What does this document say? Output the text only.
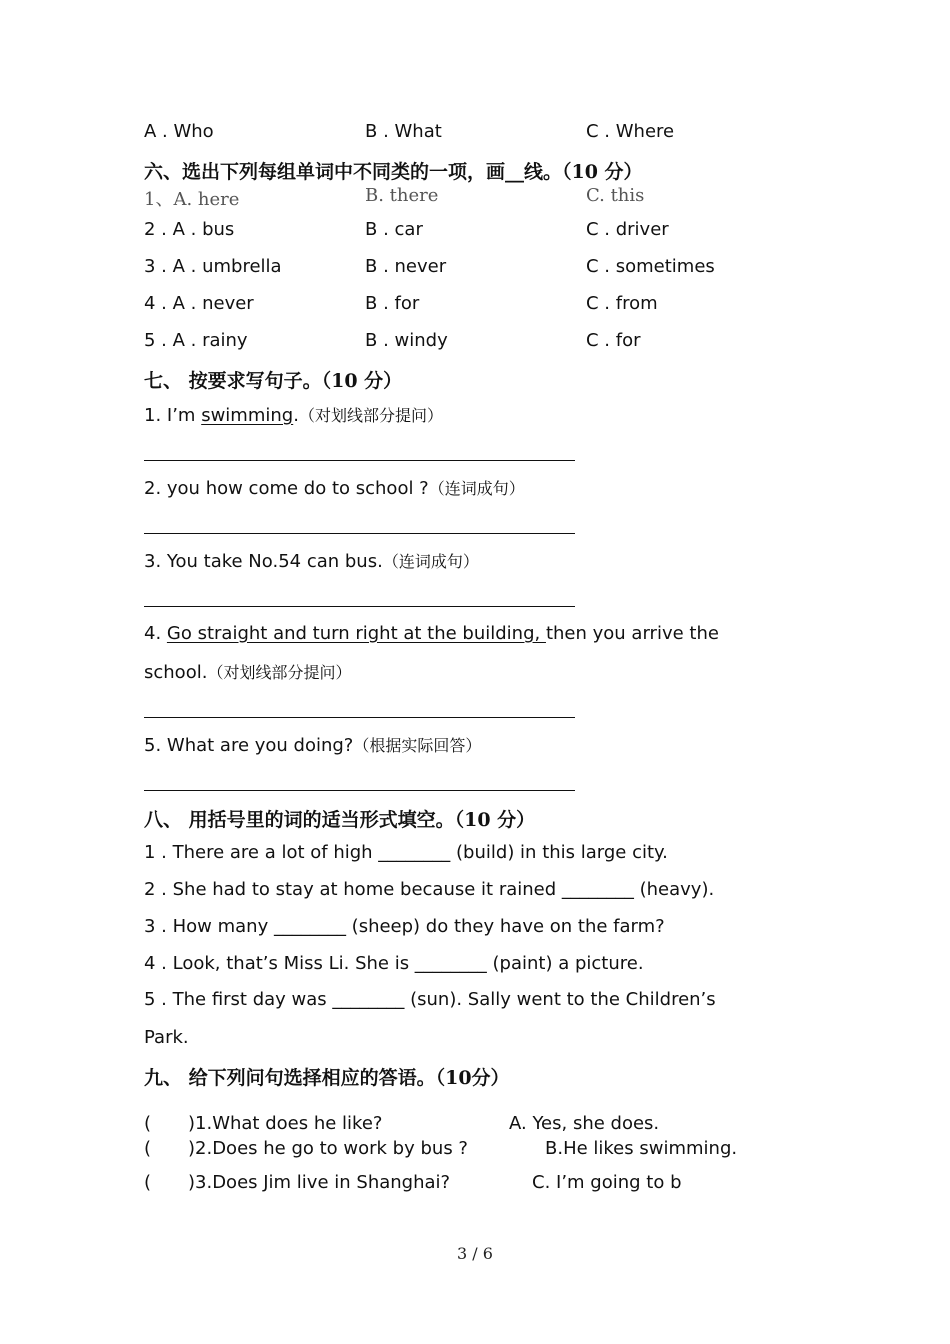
A . Who	B . What	C . Where
六、选出下列每组单词中不同类的一项，画__线。（10 分）
1、A. here	B. there	C. this
2 . A . bus	B . car	C . driver
3 . A . umbrella	B . never	C . sometimes
4 . A . never	B . for	C . from
5 . A . rainy	B . windy	C . for
七、 按要求写句子。（10 分）
1. I’m swimming.（对划线部分提问）
2. you how come do to school ?（连词成句）
3. You take No.54 can bus.（连词成句）
4. Go straight and turn right at the building, then you arrive the
school.（对划线部分提问）
5. What are you doing?（根据实际回答）
八、 用括号里的词的适当形式填空。（10 分）
1 . There are a lot of high ________ (build) in this large city.
2 . She had to stay at home because it rained ________ (heavy).
3 . How many ________ (sheep) do they have on the farm?
4 . Look, that’s Miss Li. She is ________ (paint) a picture.
5 . The first day was ________ (sun). Sally went to the Children’s
Park.
九、 给下列问句选择相应的答语。（10分）
( )1.What does he like?	A. Yes, she does.
( )2.Does he go to work by bus ?	B.He likes swimming.
( )3.Does Jim live in Shanghai?	C. I’m going to b
3 / 6
